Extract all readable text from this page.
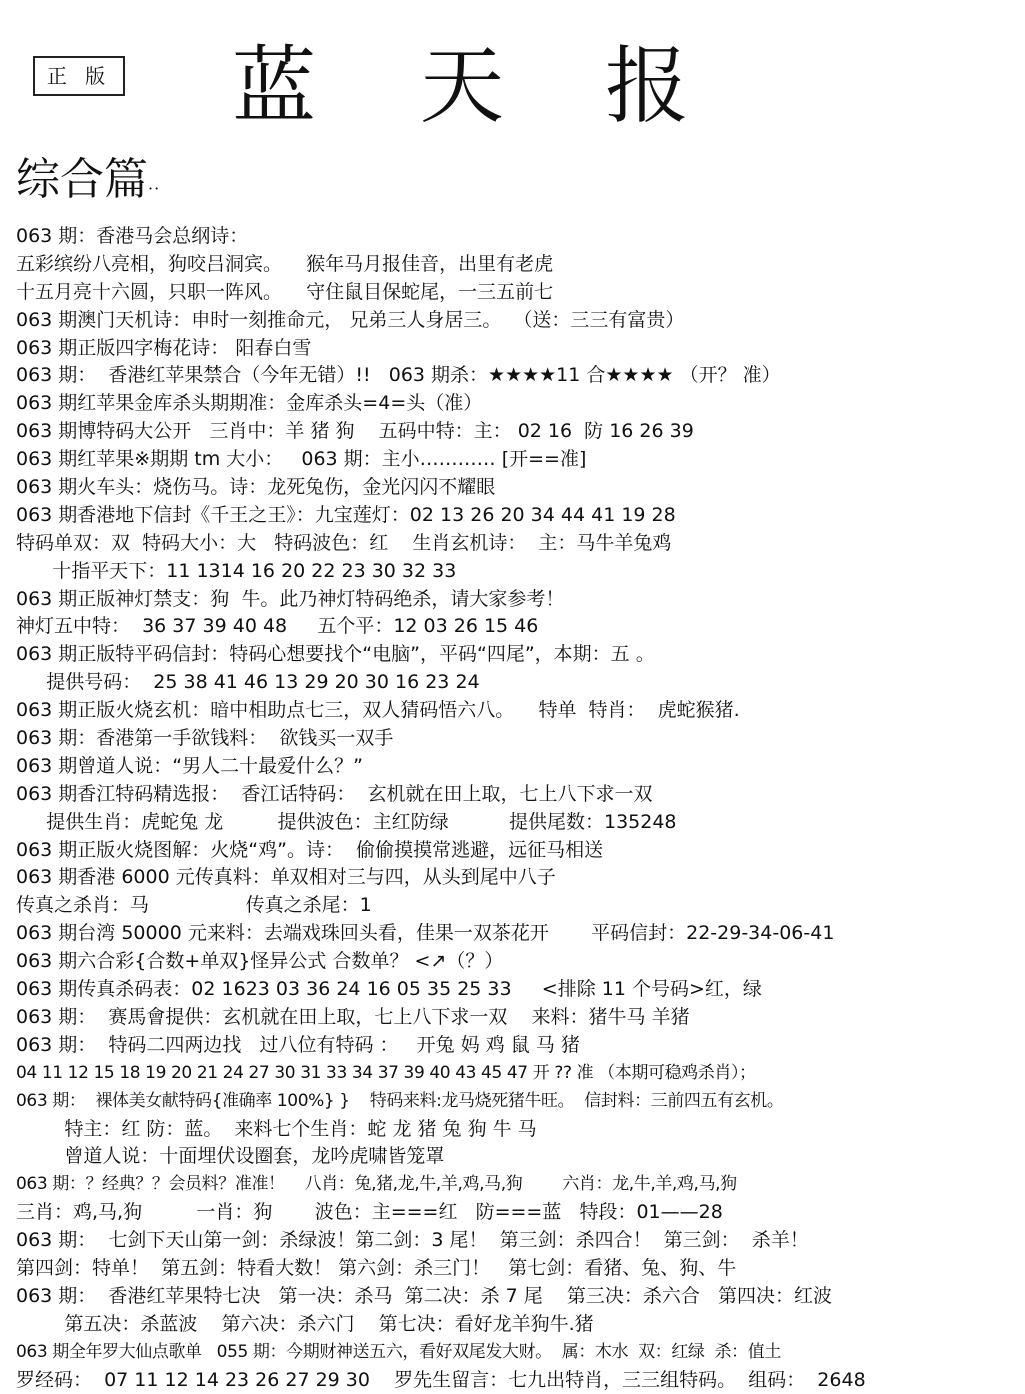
正 版 蓝 天 报
综合篇··
063 期：香港马会总纲诗：
五彩缤纷八亮相，狗咬吕洞宾。    猴年马月报佳音，出里有老虎
十五月亮十六圆，只职一阵风。    守住鼠目保蛇尾，一三五前七
063 期澳门天机诗：申时一刻推命元， 兄弟三人身居三。  （送：三三有富贵）
063 期正版四字梅花诗： 阳春白雪
063 期：  香港红苹果禁合（今年无错）!!   063 期杀：★★★★11 合★★★★ （开？ 准）
063 期红苹果金库杀头期期准：金库杀头=4=头（准）
063 期博特码大公开   三肖中：羊 猪 狗    五码中特：主： 02 16  防 16 26 39
063 期红苹果※期期 tm 大小：   063 期：主小………… [开==准]
063 期火车头：烧伤马。诗：龙死兔伤，金光闪闪不耀眼
063 期香港地下信封《千王之王》：九宝莲灯：02 13 26 20 34 44 41 19 28
特码单双：双  特码大小：大   特码波色：红    生肖玄机诗：  主：马牛羊兔鸡
十指平天下：11 1314 16 20 22 23 30 32 33
063 期正版神灯禁支：狗  牛。此乃神灯特码绝杀，请大家参考！
神灯五中特：  36 37 39 40 48     五个平：12 03 26 15 46
063 期正版特平码信封：特码心想要找个“电脑”，平码“四尾”，本期：五 。
提供号码：  25 38 41 46 13 29 20 30 16 23 24
063 期正版火烧玄机：暗中相助点七三，双人猜码悟六八。    特单  特肖：  虎蛇猴猪.
063 期：香港第一手欲钱料：  欲钱买一双手
063 期曾道人说：“男人二十最爱什么？”
063 期香江特码精选报：  香江话特码：  玄机就在田上取，七上八下求一双
提供生肖：虎蛇兔 龙         提供波色：主红防绿          提供尾数：135248
063 期正版火烧图解：火烧“鸡”。诗：  偷偷摸摸常逃避，远征马相送
063 期香港 6000 元传真料：单双相对三与四，从头到尾中八子
传真之杀肖：马                传真之杀尾：1
063 期台湾 50000 元来料：去端戏珠回头看，佳果一双茶花开       平码信封：22-29-34-06-41
063 期六合彩{合数+单双}怪异公式 合数单？ <↗（？）
063 期传真杀码表：02 1623 03 36 24 16 05 35 25 33     <排除 11 个号码>红，绿
063 期：  赛馬會提供：玄机就在田上取，七上八下求一双    来料：猪牛马 羊猪
063 期：  特码二四两边找   过八位有特码 ：   开兔 妈 鸡 鼠 马 猪
04 11 12 15 18 19 20 21 24 27 30 31 33 34 37 39 40 43 45 47 开 ?? 准 （本期可稳鸡杀肖）；
063 期：  裸体美女献特码{准确率 100%} }    特码来料:龙马烧死猪牛旺。  信封料：三前四五有玄机。
特主：红 防：蓝。  来料七个生肖：蛇 龙 猪 兔 狗 牛 马
曾道人说：十面埋伏设圈套，龙吟虎啸皆笼罩
063 期：？经典？？会员料？准准！    八肖：兔,猪,龙,牛,羊,鸡,马,狗        六肖：龙,牛,羊,鸡,马,狗
三肖：鸡,马,狗         一肖：狗       波色：主===红   防===蓝   特段：01——28
063 期：  七剑下天山第一剑：杀绿波！第二剑：3 尾！  第三剑：杀四合！  第三剑：  杀羊！
第四剑：特单！  第五剑：特看大数！ 第六剑：杀三门！   第七剑：看猪、兔、狗、牛
063 期：  香港红苹果特七决   第一决：杀马  第二决：杀 7 尾    第三决：杀六合   第四决：红波
第五决：杀蓝波    第六决：杀六门    第七决：看好龙羊狗牛.猪
063 期全年罗大仙点歌单   055 期：今期财神送五六，看好双尾发大财。  属：木水  双：红绿  杀：值土
罗经码：  07 11 12 14 23 26 27 29 30    罗先生留言：七九出特肖，三三组特码。  组码：  2648
